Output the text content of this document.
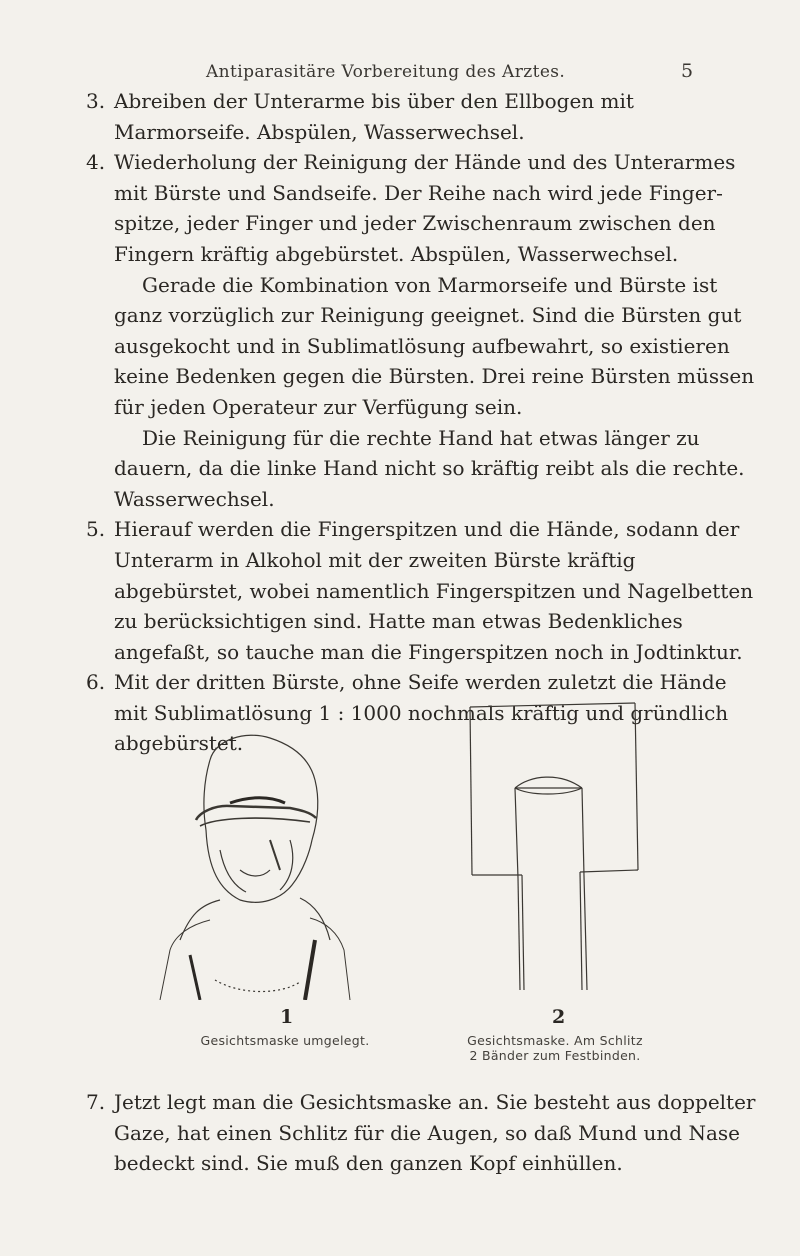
Antiparasitäre Vorbereitung des Arztes.	5
3. Abreiben der Unterarme bis über den Ellbogen mit Marmorseife. Abspülen, Wasserwechsel.

4. Wiederholung der Reinigung der Hände und des Unterarmes mit Bürste und Sandseife. Der Reihe nach wird jede Fingerspitze, jeder Finger und jeder Zwischenraum zwischen den Fingern kräftig abgebürstet. Abspülen, Wasserwechsel.

Gerade die Kombination von Marmorseife und Bürste ist ganz vorzüglich zur Reinigung geeignet. Sind die Bürsten gut ausgekocht und in Sublimatlösung aufbewahrt, so existieren keine Bedenken gegen die Bürsten. Drei reine Bürsten müssen für jeden Operateur zur Verfügung sein.

Die Reinigung für die rechte Hand hat etwas länger zu dauern, da die linke Hand nicht so kräftig reibt als die rechte. Wasserwechsel.

5. Hierauf werden die Fingerspitzen und die Hände, sodann der Unterarm in Alkohol mit der zweiten Bürste kräftig abgebürstet, wobei namentlich Fingerspitzen und Nagelbetten zu berücksichtigen sind. Hatte man etwas Bedenkliches angefaßt, so tauche man die Fingerspitzen noch in Jodtinktur.

6. Mit der dritten Bürste, ohne Seife werden zuletzt die Hände mit Sublimatlösung 1 : 1000 nochmals kräftig und gründlich abgebürstet.

1
Gesichtsmaske umgelegt.
2
Gesichtsmaske. Am Schlitz
2 Bänder zum Festbinden.
7. Jetzt legt man die Gesichtsmaske an. Sie besteht aus doppelter Gaze, hat einen Schlitz für die Augen, so daß Mund und Nase bedeckt sind. Sie muß den ganzen Kopf einhüllen.
